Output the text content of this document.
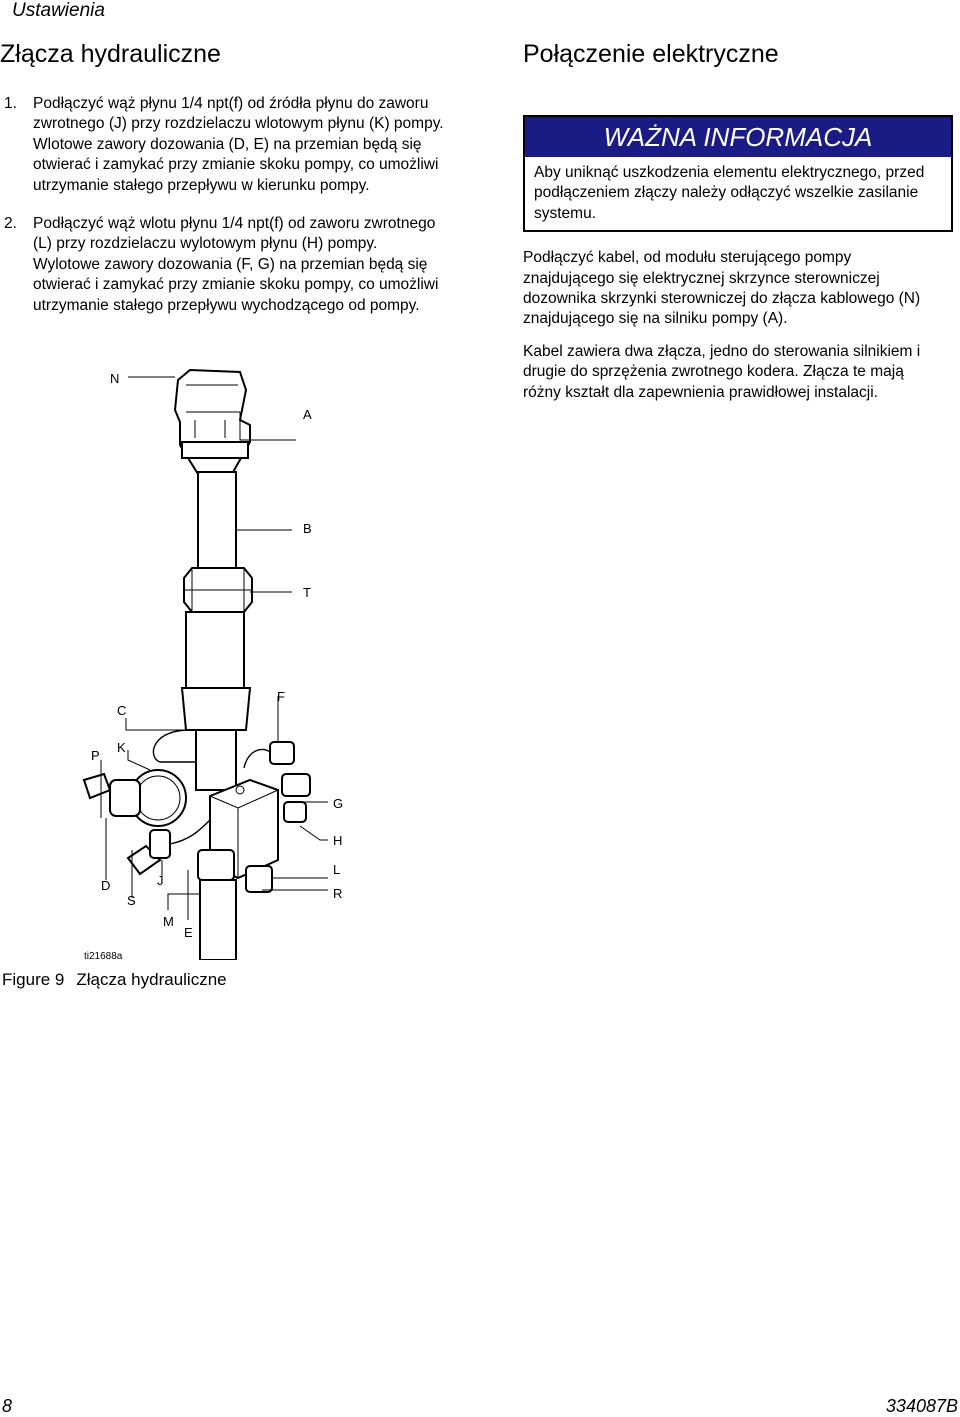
Ustawienia
Złącza hydrauliczne
1. Podłączyć wąż płynu 1/4 npt(f) od źródła płynu do zaworu zwrotnego (J) przy rozdzielaczu wlotowym płynu (K) pompy. Wlotowe zawory dozowania (D, E) na przemian będą się otwierać i zamykać przy zmianie skoku pompy, co umożliwi utrzymanie stałego przepływu w kierunku pompy.
2. Podłączyć wąż wlotu płynu 1/4 npt(f) od zaworu zwrotnego (L) przy rozdzielaczu wylotowym płynu (H) pompy. Wylotowe zawory dozowania (F, G) na przemian będą się otwierać i zamykać przy zmianie skoku pompy, co umożliwi utrzymanie stałego przepływu wychodzącego od pompy.
Połączenie elektryczne
WAŻNA INFORMACJA
Aby uniknąć uszkodzenia elementu elektrycznego, przed podłączeniem złączy należy odłączyć wszelkie zasilanie systemu.
Podłączyć kabel, od modułu sterującego pompy znajdującego się elektrycznej skrzynce sterowniczej dozownika skrzynki sterowniczej do złącza kablowego (N) znajdującego się na silniku pompy (A).
Kabel zawiera dwa złącza, jedno do sterowania silnikiem i drugie do sprzężenia zwrotnego kodera. Złącza te mają różny kształt dla zapewnienia prawidłowej instalacji.
N
A
B
T
C
F
P
K
G
H
L
R
D
S
J
M
E
ti21688a
Figure 9 Złącza hydrauliczne
8	334087B
